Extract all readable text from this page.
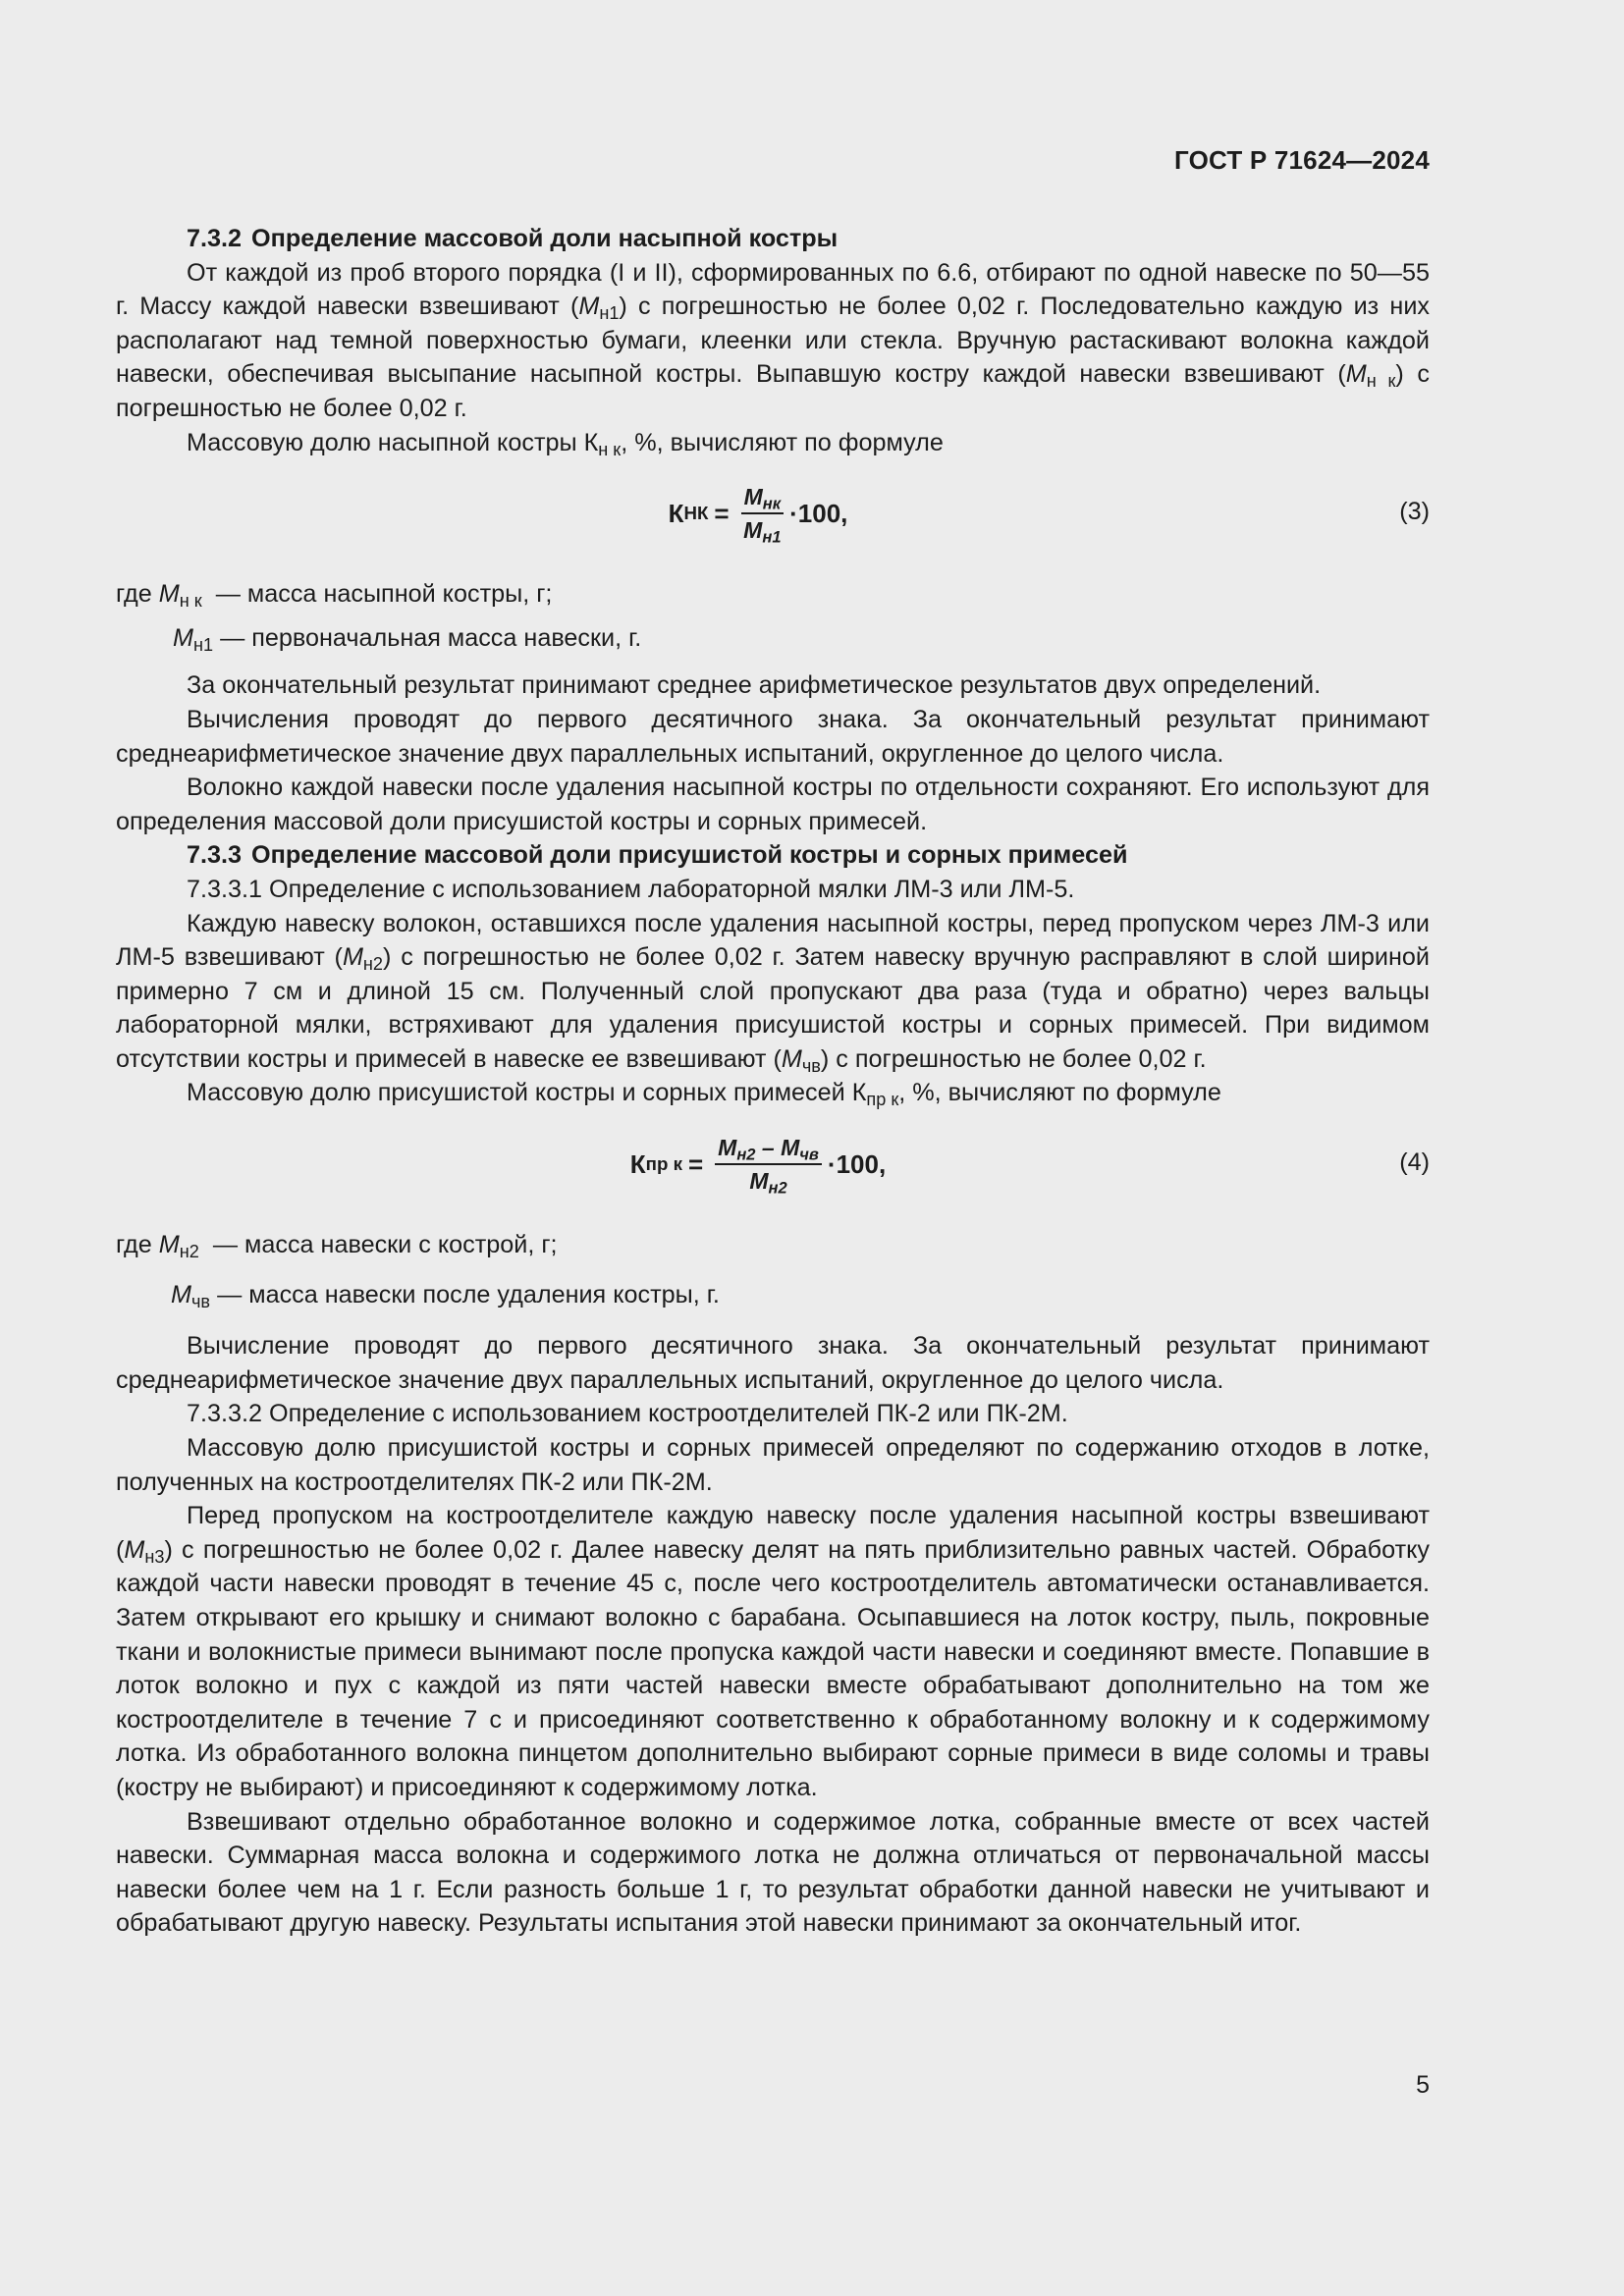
ГОСТ Р 71624—2024

7.3.2 Определение массовой доли насыпной костры

От каждой из проб второго порядка (I и II), сформированных по 6.6, отбирают по одной навеске по 50—55 г. Массу каждой навески взвешивают $(M_{н1})$ с погрешностью не более 0,02 г. Последовательно каждую из них располагают над темной поверхностью бумаги, клеенки или стекла. Вручную растаскивают волокна каждой навески, обеспечивая высыпание насыпной костры. Выпавшую костру каждой навески взвешивают $(M_{н к})$ с погрешностью не более 0,02 г.

Массовую долю насыпной костры $К_{н к}$, %, вычисляют по формуле

К НК = $\frac{M_{нк}}{M_{н1}} \cdot 100$,	(3)

где $M_{н к}$ — масса насыпной костры, г;

$M_{н1}$ — первоначальная масса навески, г.

За окончательный результат принимают среднее арифметическое результатов двух определений.

Вычисления проводят до первого десятичного знака. За окончательный результат принимают среднеарифметическое значение двух параллельных испытаний, округленное до целого числа.

Волокно каждой навески после удаления насыпной костры по отдельности сохраняют. Его используют для определения массовой доли присушистой костры и сорных примесей.

7.3.3 Определение массовой доли присушистой костры и сорных примесей

7.3.3.1 Определение с использованием лабораторной мялки ЛМ-3 или ЛМ-5.

Каждую навеску волокон, оставшихся после удаления насыпной костры, перед пропуском через ЛМ-3 или ЛМ-5 взвешивают $(M_{н2})$ с погрешностью не более 0,02 г. Затем навеску вручную расправляют в слой шириной примерно 7 см и длиной 15 см. Полученный слой пропускают два раза (туда и обратно) через вальцы лабораторной мялки, встряхивают для удаления присушистой костры и сорных примесей. При видимом отсутствии костры и примесей в навеске ее взвешивают $(M_{чв})$ с погрешностью не более 0,02 г.

Массовую долю присушистой костры и сорных примесей $К_{пр к}$, %, вычисляют по формуле

К пр $к = \frac{M_{н2} - M_{чв}}{M_{н2}} \cdot 100$,	(4)

где $M_{н2}$ — масса навески с кострой, г;

$M_{чв}$ — масса навески после удаления костры, г.

Вычисление проводят до первого десятичного знака. За окончательный результат принимают среднеарифметическое значение двух параллельных испытаний, округленное до целого числа.

7.3.3.2 Определение с использованием костроотделителей ПК-2 или ПК-2М.

Массовую долю присушистой костры и сорных примесей определяют по содержанию отходов в лотке, полученных на костроотделителях ПК-2 или ПК-2М.

Перед пропуском на костроотделителе каждую навеску после удаления насыпной костры взвешивают $(M_{н3})$ с погрешностью не более 0,02 г. Далее навеску делят на пять приблизительно равных частей. Обработку каждой части навески проводят в течение 45 с, после чего костроотделитель автоматически останавливается. Затем открывают его крышку и снимают волокно с барабана. Осыпавшиеся на лоток костру, пыль, покровные ткани и волокнистые примеси вынимают после пропуска каждой части навески и соединяют вместе. Попавшие в лоток волокно и пух с каждой из пяти частей навески вместе обрабатывают дополнительно на том же костроотделителе в течение 7 с и присоединяют соответственно к обработанному волокну и к содержимому лотка. Из обработанного волокна пинцетом дополнительно выбирают сорные примеси в виде соломы и травы (костру не выбирают) и присоединяют к содержимому лотка.

Взвешивают отдельно обработанное волокно и содержимое лотка, собранные вместе от всех частей навески. Суммарная масса волокна и содержимого лотка не должна отличаться от первоначальной массы навески более чем на 1 г. Если разность больше 1 г, то результат обработки данной навески не учитывают и обрабатывают другую навеску. Результаты испытания этой навески принимают за окончательный итог.

5
